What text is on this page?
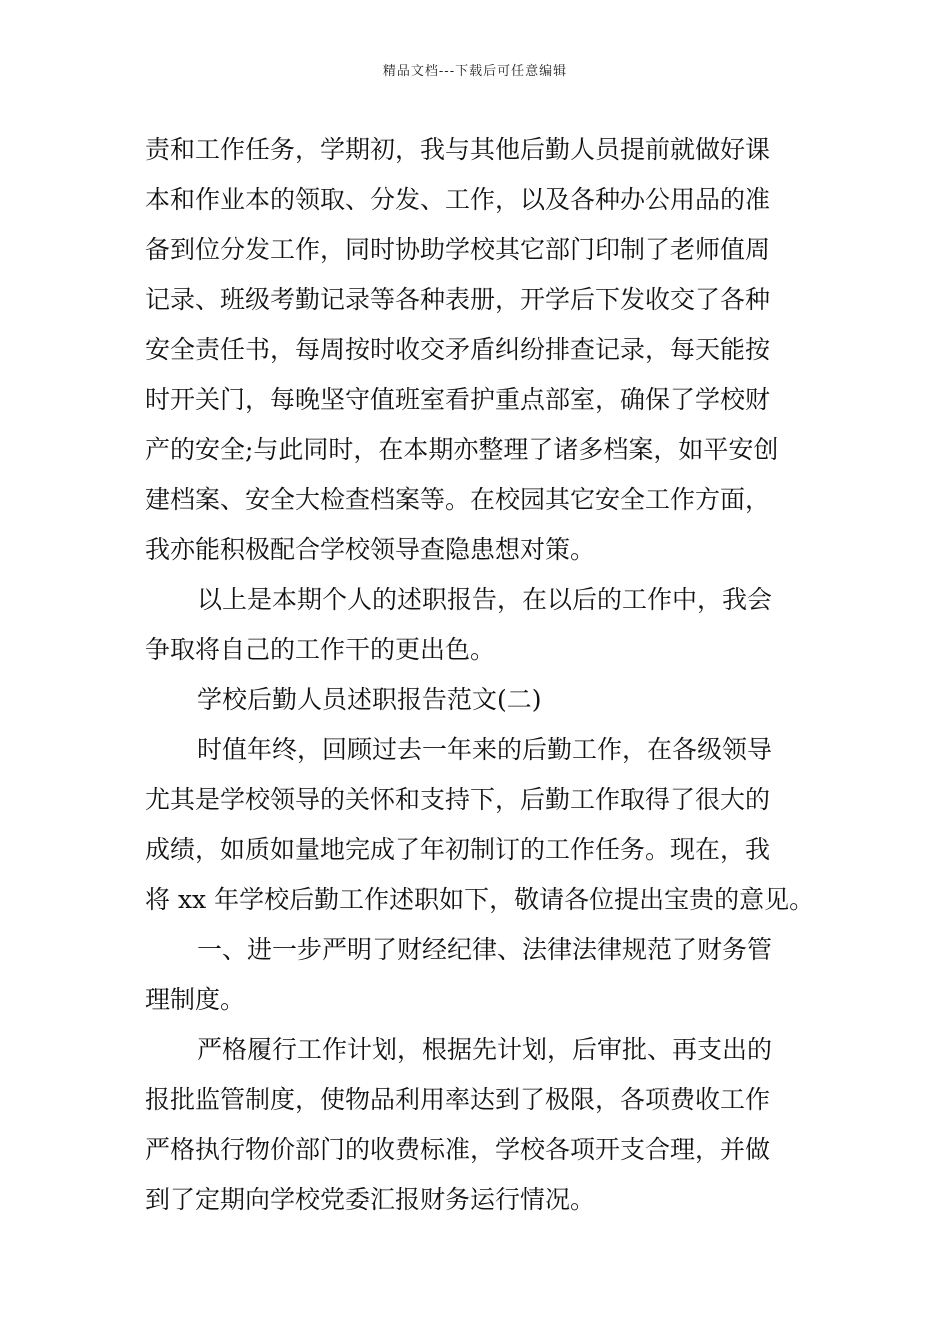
精品文档---下载后可任意编辑
责和工作任务，学期初，我与其他后勤人员提前就做好课
本和作业本的领取、分发、工作，以及各种办公用品的准
备到位分发工作，同时协助学校其它部门印制了老师值周
记录、班级考勤记录等各种表册，开学后下发收交了各种
安全责任书，每周按时收交矛盾纠纷排查记录，每天能按
时开关门，每晚坚守值班室看护重点部室，确保了学校财
产的安全;与此同时，在本期亦整理了诸多档案，如平安创
建档案、安全大检查档案等。在校园其它安全工作方面，
我亦能积极配合学校领导查隐患想对策。
以上是本期个人的述职报告，在以后的工作中，我会
争取将自己的工作干的更出色。
学校后勤人员述职报告范文(二)
时值年终，回顾过去一年来的后勤工作，在各级领导
尤其是学校领导的关怀和支持下，后勤工作取得了很大的
成绩，如质如量地完成了年初制订的工作任务。现在，我
将 xx 年学校后勤工作述职如下，敬请各位提出宝贵的意见。
一、进一步严明了财经纪律、法律法律规范了财务管
理制度。
严格履行工作计划，根据先计划，后审批、再支出的
报批监管制度，使物品利用率达到了极限，各项费收工作
严格执行物价部门的收费标准，学校各项开支合理，并做
到了定期向学校党委汇报财务运行情况。
